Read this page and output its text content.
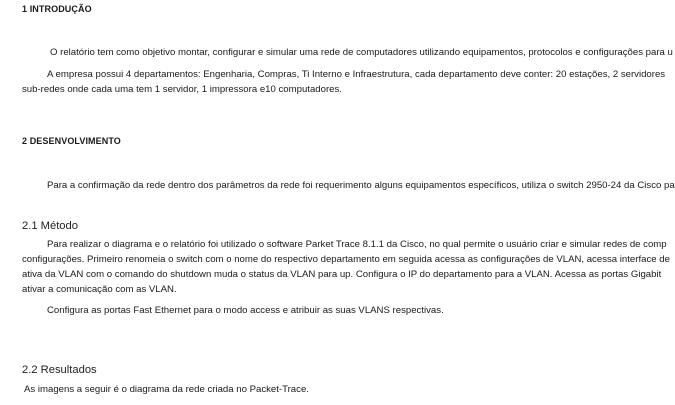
1 INTRODUÇÃO
O relatório tem como objetivo montar, configurar e simular uma rede de computadores utilizando equipamentos, protocolos e configurações para u
A empresa possui 4 departamentos: Engenharia, Compras, Ti Interno e Infraestrutura, cada departamento deve conter: 20 estações, 2 servidores
sub-redes onde cada uma tem 1 servidor, 1 impressora e10 computadores.
2 DESENVOLVIMENTO
Para a confirmação da rede dentro dos parâmetros da rede foi requerimento alguns equipamentos específicos, utiliza o switch 2950-24 da Cisco pa
2.1 Método
Para realizar o diagrama e o relatório foi utilizado o software Parket Trace 8.1.1 da Cisco, no qual permite o usuário criar e simular redes de comp
configurações. Primeiro renomeia o switch com o nome do respectivo departamento em seguida acessa as configurações de VLAN, acessa interface de
ativa da VLAN com o comando do shutdown muda o status da VLAN para up. Configura o IP do departamento para a VLAN. Acessa as portas Gigabit
ativar a comunicação com as VLAN.
Configura as portas Fast Ethernet para o modo access e atribuir as suas VLANS respectivas.
2.2 Resultados
As imagens a seguir é o diagrama da rede criada no Packet-Trace.
